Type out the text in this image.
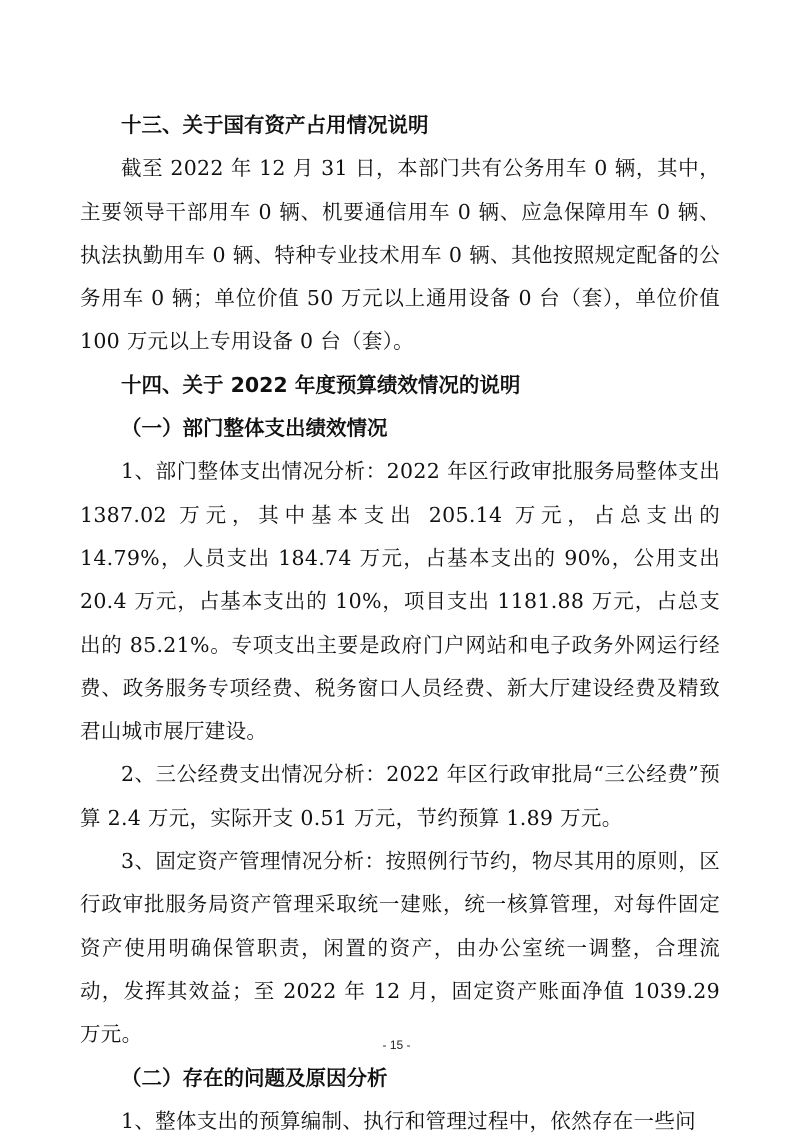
十三、关于国有资产占用情况说明

截至 2022 年 12 月 31 日，本部门共有公务用车 0 辆，其中，主要领导干部用车 0 辆、机要通信用车 0 辆、应急保障用车 0 辆、执法执勤用车 0 辆、特种专业技术用车 0 辆、其他按照规定配备的公务用车 0 辆；单位价值 50 万元以上通用设备 0 台（套），单位价值 100 万元以上专用设备 0 台（套）。

十四、关于 2022 年度预算绩效情况的说明

（一）部门整体支出绩效情况

1、部门整体支出情况分析：2022 年区行政审批服务局整体支出 1387.02 万元，其中基本支出 205.14 万元，占总支出的 14.79%，人员支出 184.74 万元，占基本支出的 90%，公用支出 20.4 万元，占基本支出的 10%，项目支出 1181.88 万元，占总支出的 85.21%。专项支出主要是政府门户网站和电子政务外网运行经费、政务服务专项经费、税务窗口人员经费、新大厅建设经费及精致君山城市展厅建设。

2、三公经费支出情况分析：2022 年区行政审批局“三公经费”预算 2.4 万元，实际开支 0.51 万元，节约预算 1.89 万元。

3、固定资产管理情况分析：按照例行节约，物尽其用的原则，区行政审批服务局资产管理采取统一建账，统一核算管理，对每件固定资产使用明确保管职责，闲置的资产，由办公室统一调整，合理流动，发挥其效益；至 2022 年 12 月，固定资产账面净值 1039.29 万元。

（二）存在的问题及原因分析

1、整体支出的预算编制、执行和管理过程中，依然存在一些问

- 15 -
